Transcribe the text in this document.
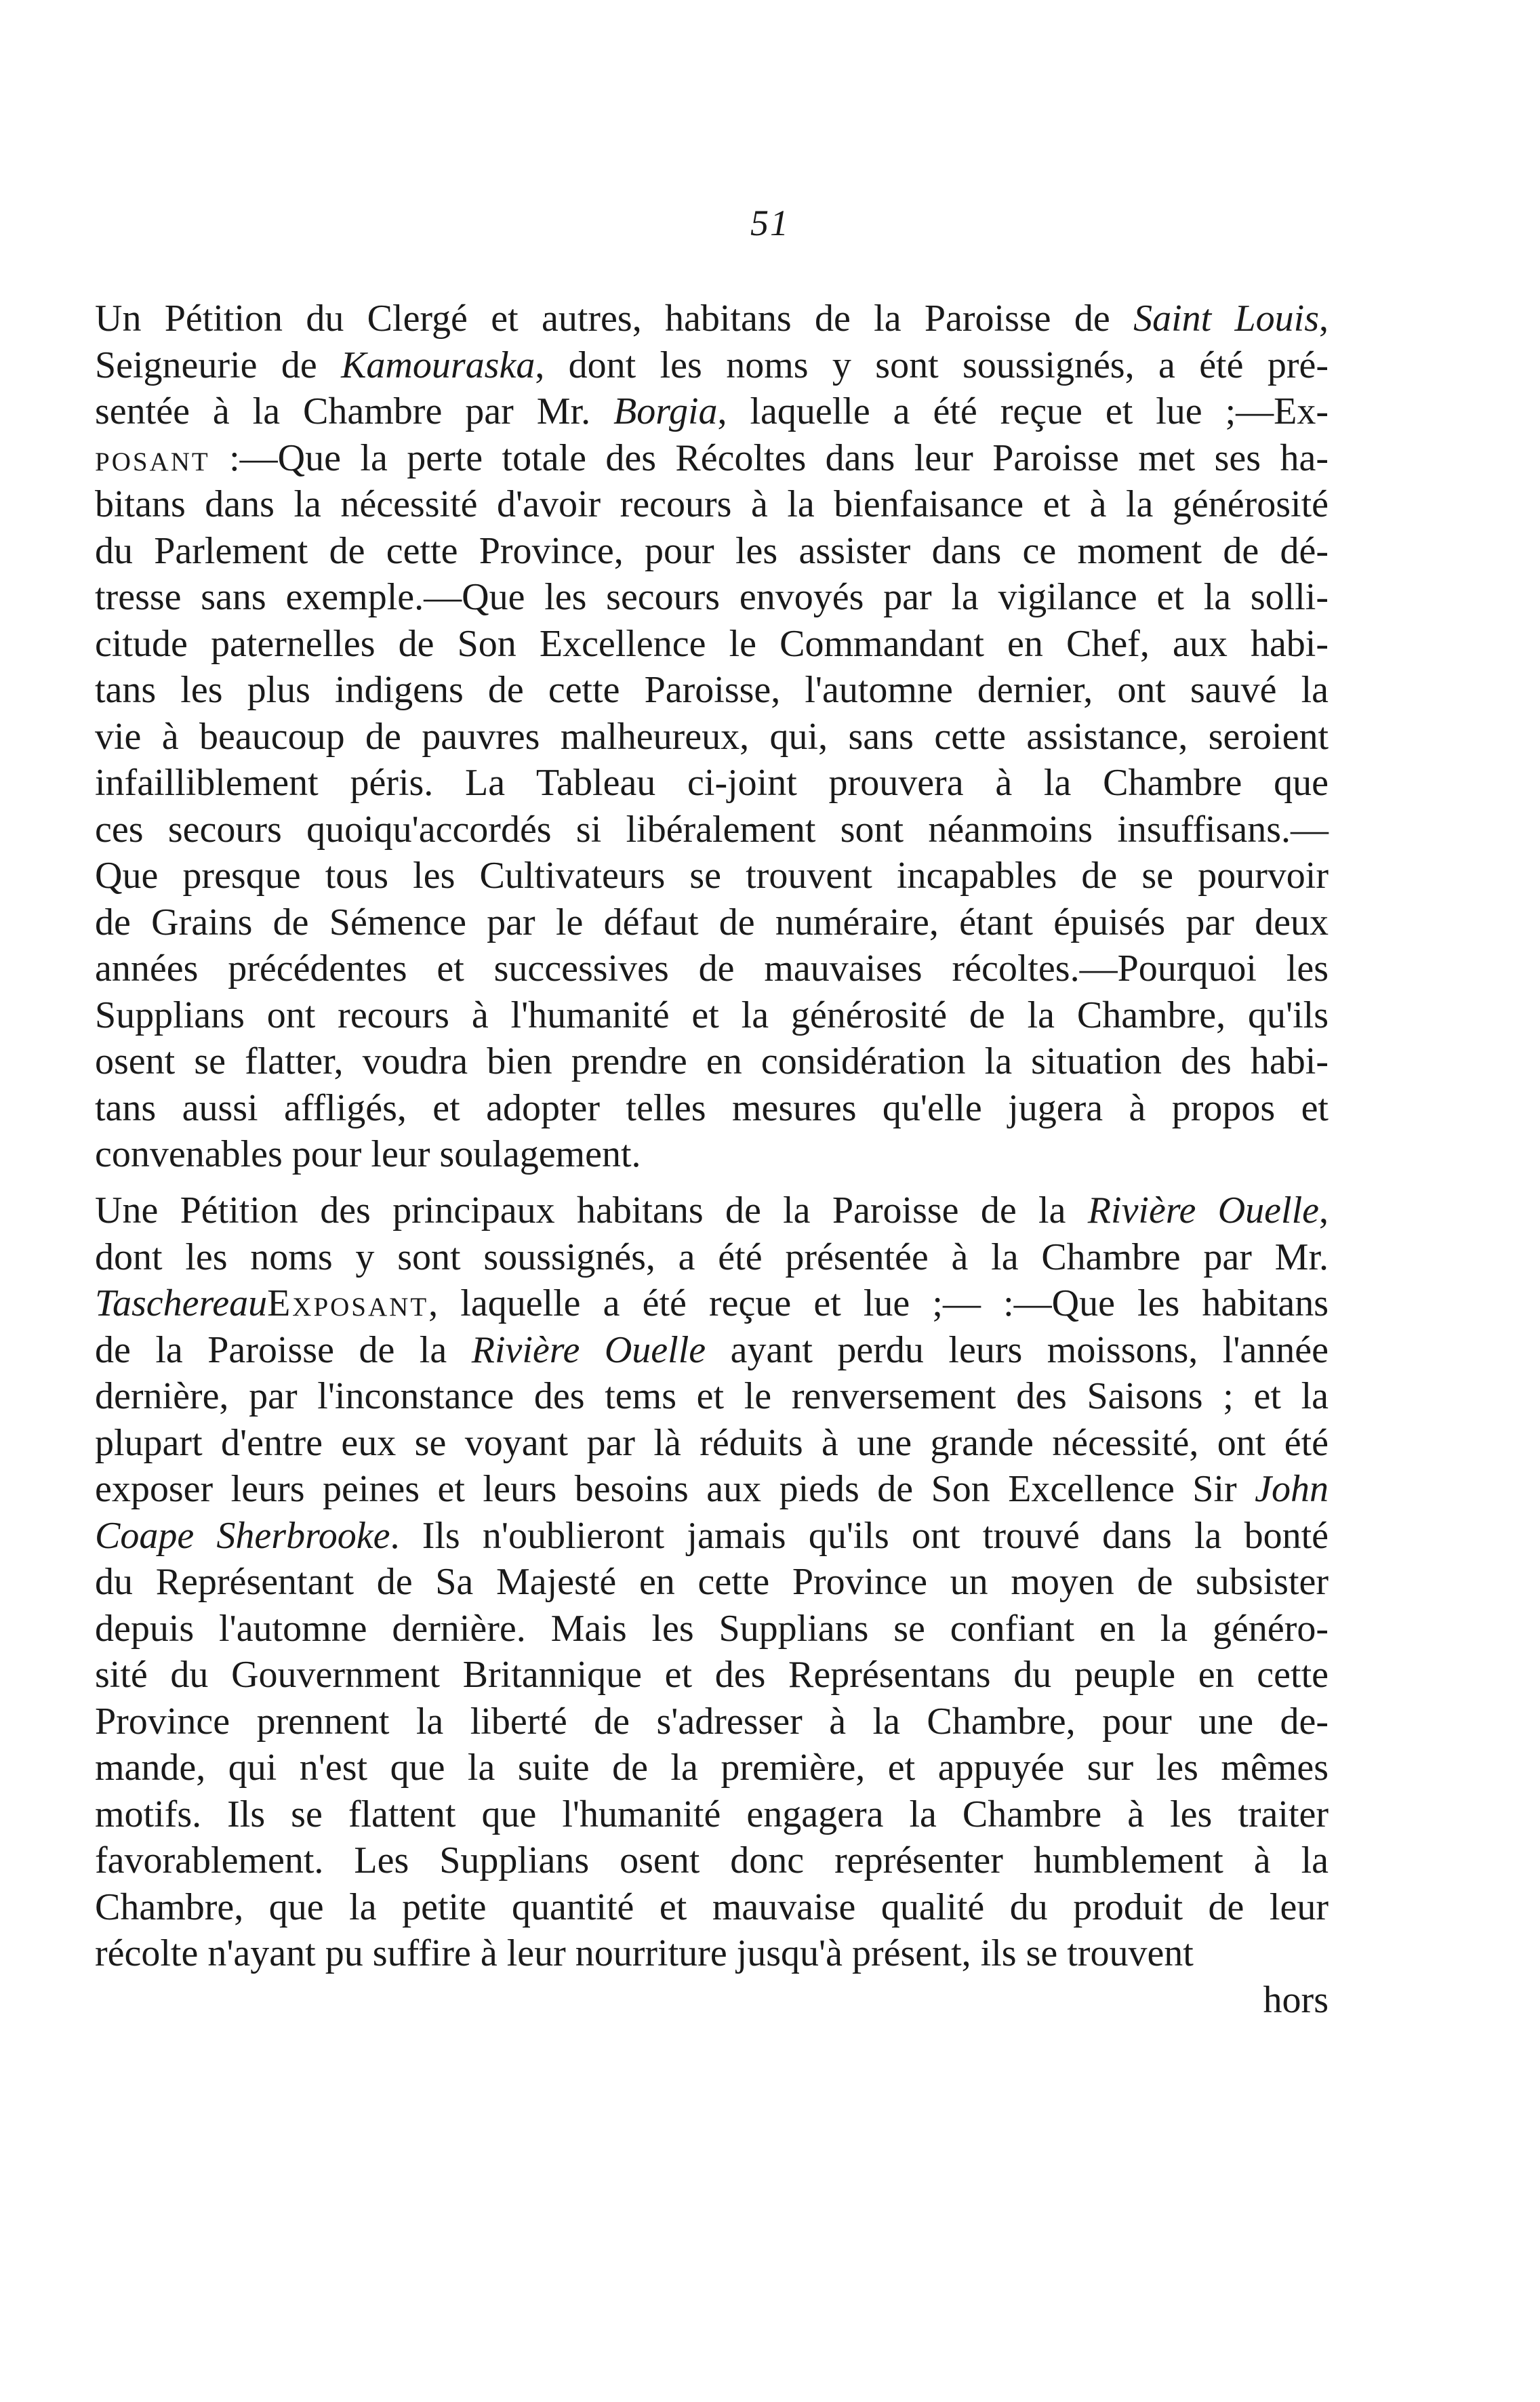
51
Un Pétition du Clergé et autres, habitans de la Paroisse de Saint Louis,
Seigneurie de Kamouraska, dont les noms y sont soussignés, a été pré-
sentée à la Chambre par Mr. Borgia, laquelle a été reçue et lue ;—Ex-
posant :—Que la perte totale des Récoltes dans leur Paroisse met ses ha-
bitans dans la nécessité d'avoir recours à la bienfaisance et à la générosité
du Parlement de cette Province, pour les assister dans ce moment de dé-
tresse sans exemple.—Que les secours envoyés par la vigilance et la solli-
citude paternelles de Son Excellence le Commandant en Chef, aux habi-
tans les plus indigens de cette Paroisse, l'automne dernier, ont sauvé la
vie à beaucoup de pauvres malheureux, qui, sans cette assistance, seroient
infailliblement péris. La Tableau ci-joint prouvera à la Chambre que
ces secours quoiqu'accordés si libéralement sont néanmoins insuffisans.—
Que presque tous les Cultivateurs se trouvent incapables de se pourvoir
de Grains de Sémence par le défaut de numéraire, étant épuisés par deux
années précédentes et successives de mauvaises récoltes.—Pourquoi les
Supplians ont recours à l'humanité et la générosité de la Chambre, qu'ils
osent se flatter, voudra bien prendre en considération la situation des habi-
tans aussi affligés, et adopter telles mesures qu'elle jugera à propos et
convenables pour leur soulagement.
Une Pétition des principaux habitans de la Paroisse de la Rivière Ouelle,
dont les noms y sont soussignés, a été présentée à la Chambre par Mr.
TaschereauExposant, laquelle a été reçue et lue ;— :—Que les habitans
de la Paroisse de la Rivière Ouelle ayant perdu leurs moissons, l'année
dernière, par l'inconstance des tems et le renversement des Saisons ; et la
plupart d'entre eux se voyant par là réduits à une grande nécessité, ont été
exposer leurs peines et leurs besoins aux pieds de Son Excellence Sir John
Coape Sherbrooke. Ils n'oublieront jamais qu'ils ont trouvé dans la bonté
du Représentant de Sa Majesté en cette Province un moyen de subsister
depuis l'automne dernière. Mais les Supplians se confiant en la généro-
sité du Gouvernment Britannique et des Représentans du peuple en cette
Province prennent la liberté de s'adresser à la Chambre, pour une de-
mande, qui n'est que la suite de la première, et appuyée sur les mêmes
motifs. Ils se flattent que l'humanité engagera la Chambre à les traiter
favorablement. Les Supplians osent donc représenter humblement à la
Chambre, que la petite quantité et mauvaise qualité du produit de leur
récolte n'ayant pu suffire à leur nourriture jusqu'à présent, ils se trouvent
hors
